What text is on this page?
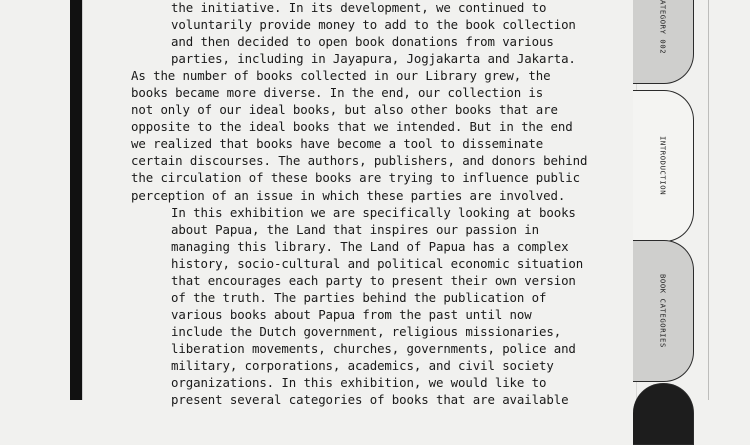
the initiative. In its development, we continued to
voluntarily provide money to add to the book collection
and then decided to open book donations from various
parties, including in Jayapura, Jogjakarta and Jakarta.
As the number of books collected in our Library grew, the
books became more diverse. In the end, our collection is
not only of our ideal books, but also other books that are
opposite to the ideal books that we intended. But in the end
we realized that books have become a tool to disseminate
certain discourses. The authors, publishers, and donors behind
the circulation of these books are trying to influence public
perception of an issue in which these parties are involved.
In this exhibition we are specifically looking at books
about Papua, the Land that inspires our passion in
managing this library. The Land of Papua has a complex
history, socio-cultural and political economic situation
that encourages each party to present their own version
of the truth. The parties behind the publication of
various books about Papua from the past until now
include the Dutch government, religious missionaries,
liberation movements, churches, governments, police and
military, corporations, academics, and civil society
organizations. In this exhibition, we would like to
present several categories of books that are available
ATEGORY 002
INTRODUCTION
BOOK CATEGORIES
